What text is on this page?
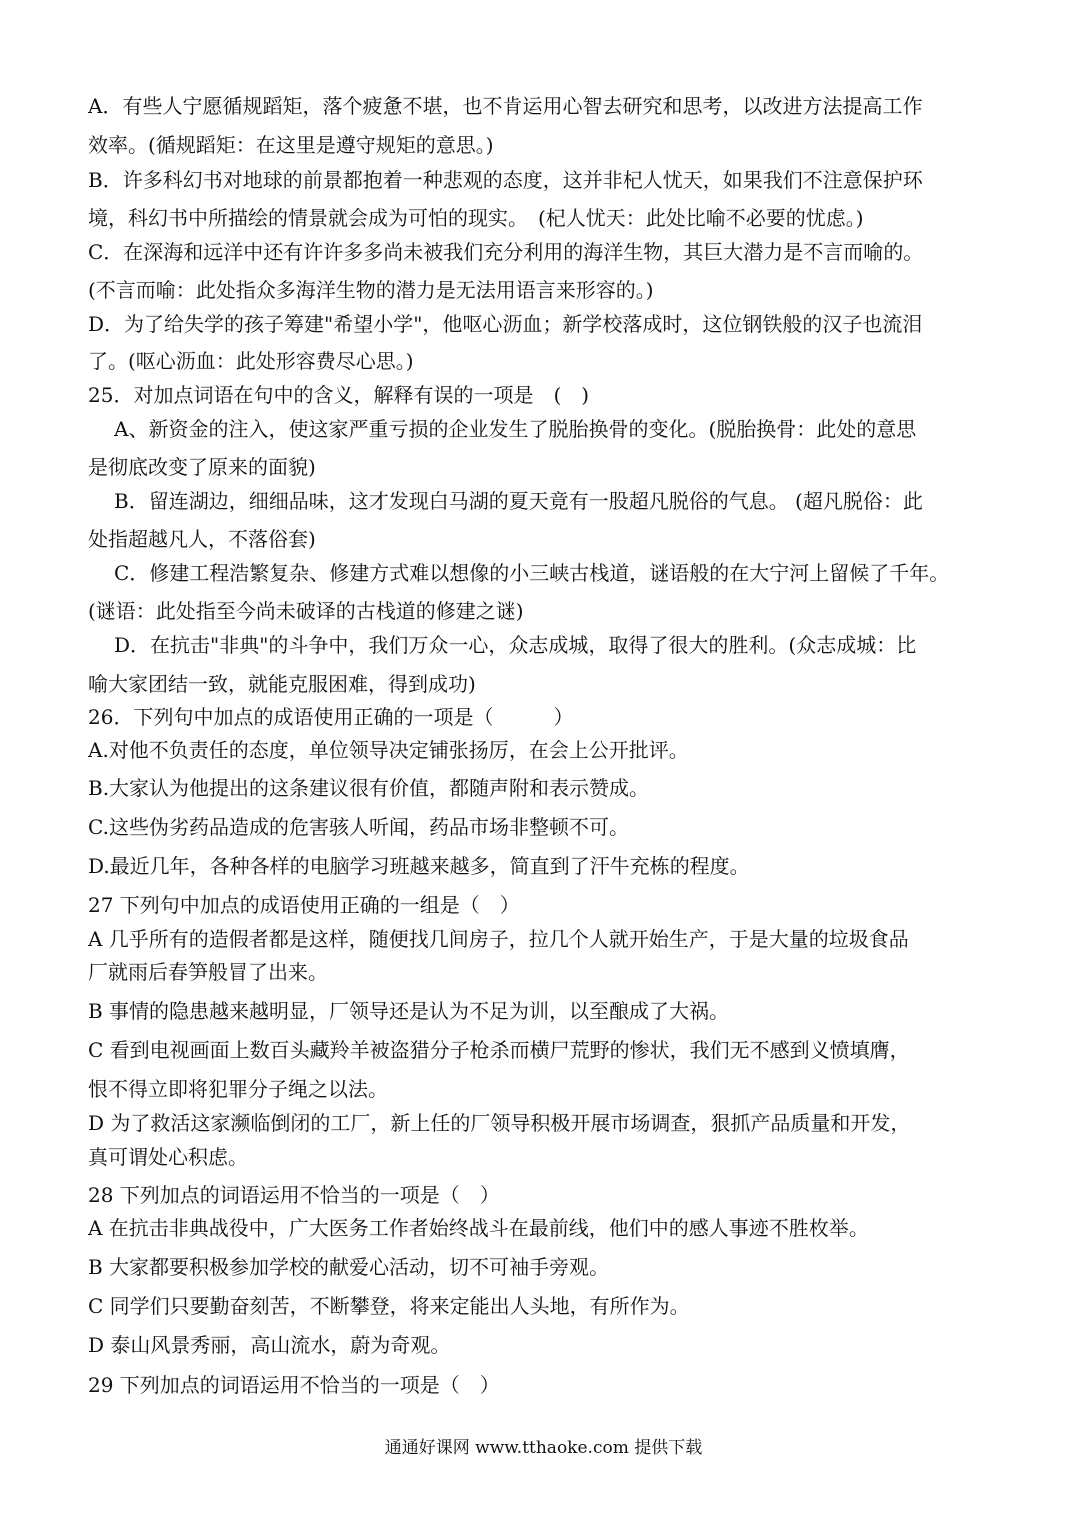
A．有些人宁愿循规蹈矩，落个疲惫不堪，也不肯运用心智去研究和思考，以改进方法提高工作
效率。(循规蹈矩：在这里是遵守规矩的意思。)
B．许多科幻书对地球的前景都抱着一种悲观的态度，这并非杞人忧天，如果我们不注意保护环
境，科幻书中所描绘的情景就会成为可怕的现实。　(杞人忧天：此处比喻不必要的忧虑。)
C．在深海和远洋中还有许许多多尚未被我们充分利用的海洋生物，其巨大潜力是不言而喻的。
(不言而喻：此处指众多海洋生物的潜力是无法用语言来形容的。)
D．为了给失学的孩子筹建"希望小学"，他呕心沥血；新学校落成时，这位钢铁般的汉子也流泪
了。(呕心沥血：此处形容费尽心思。)
25．对加点词语在句中的含义，解释有误的一项是　(　)
A、新资金的注入，使这家严重亏损的企业发生了脱胎换骨的变化。(脱胎换骨：此处的意思
是彻底改变了原来的面貌)
B．留连湖边，细细品味，这才发现白马湖的夏天竟有一股超凡脱俗的气息。 (超凡脱俗：此
处指超越凡人，不落俗套)
C．修建工程浩繁复杂、修建方式难以想像的小三峡古栈道，谜语般的在大宁河上留候了千年。
(谜语：此处指至今尚未破译的古栈道的修建之谜)
D．在抗击"非典"的斗争中，我们万众一心，众志成城，取得了很大的胜利。(众志成城：比
喻大家团结一致，就能克服困难，得到成功)
26．下列句中加点的成语使用正确的一项是（　　　）
A.对他不负责任的态度，单位领导决定铺张扬厉，在会上公开批评。
B.大家认为他提出的这条建议很有价值，都随声附和表示赞成。
C.这些伪劣药品造成的危害骇人听闻，药品市场非整顿不可。
D.最近几年，各种各样的电脑学习班越来越多，简直到了汗牛充栋的程度。
27 下列句中加点的成语使用正确的一组是（　）
A 几乎所有的造假者都是这样，随便找几间房子，拉几个人就开始生产，于是大量的垃圾食品
厂就雨后春笋般冒了出来。
B 事情的隐患越来越明显，厂领导还是认为不足为训，以至酿成了大祸。
C 看到电视画面上数百头藏羚羊被盗猎分子枪杀而横尸荒野的惨状，我们无不感到义愤填膺，
恨不得立即将犯罪分子绳之以法。
D 为了救活这家濒临倒闭的工厂，新上任的厂领导积极开展市场调查，狠抓产品质量和开发，
真可谓处心积虑。
28 下列加点的词语运用不恰当的一项是（　）
A 在抗击非典战役中，广大医务工作者始终战斗在最前线，他们中的感人事迹不胜枚举。
B 大家都要积极参加学校的献爱心活动，切不可袖手旁观。
C 同学们只要勤奋刻苦，不断攀登，将来定能出人头地，有所作为。
D 泰山风景秀丽，高山流水，蔚为奇观。
29 下列加点的词语运用不恰当的一项是（　）
通通好课网 www.tthaoke.com 提供下载
